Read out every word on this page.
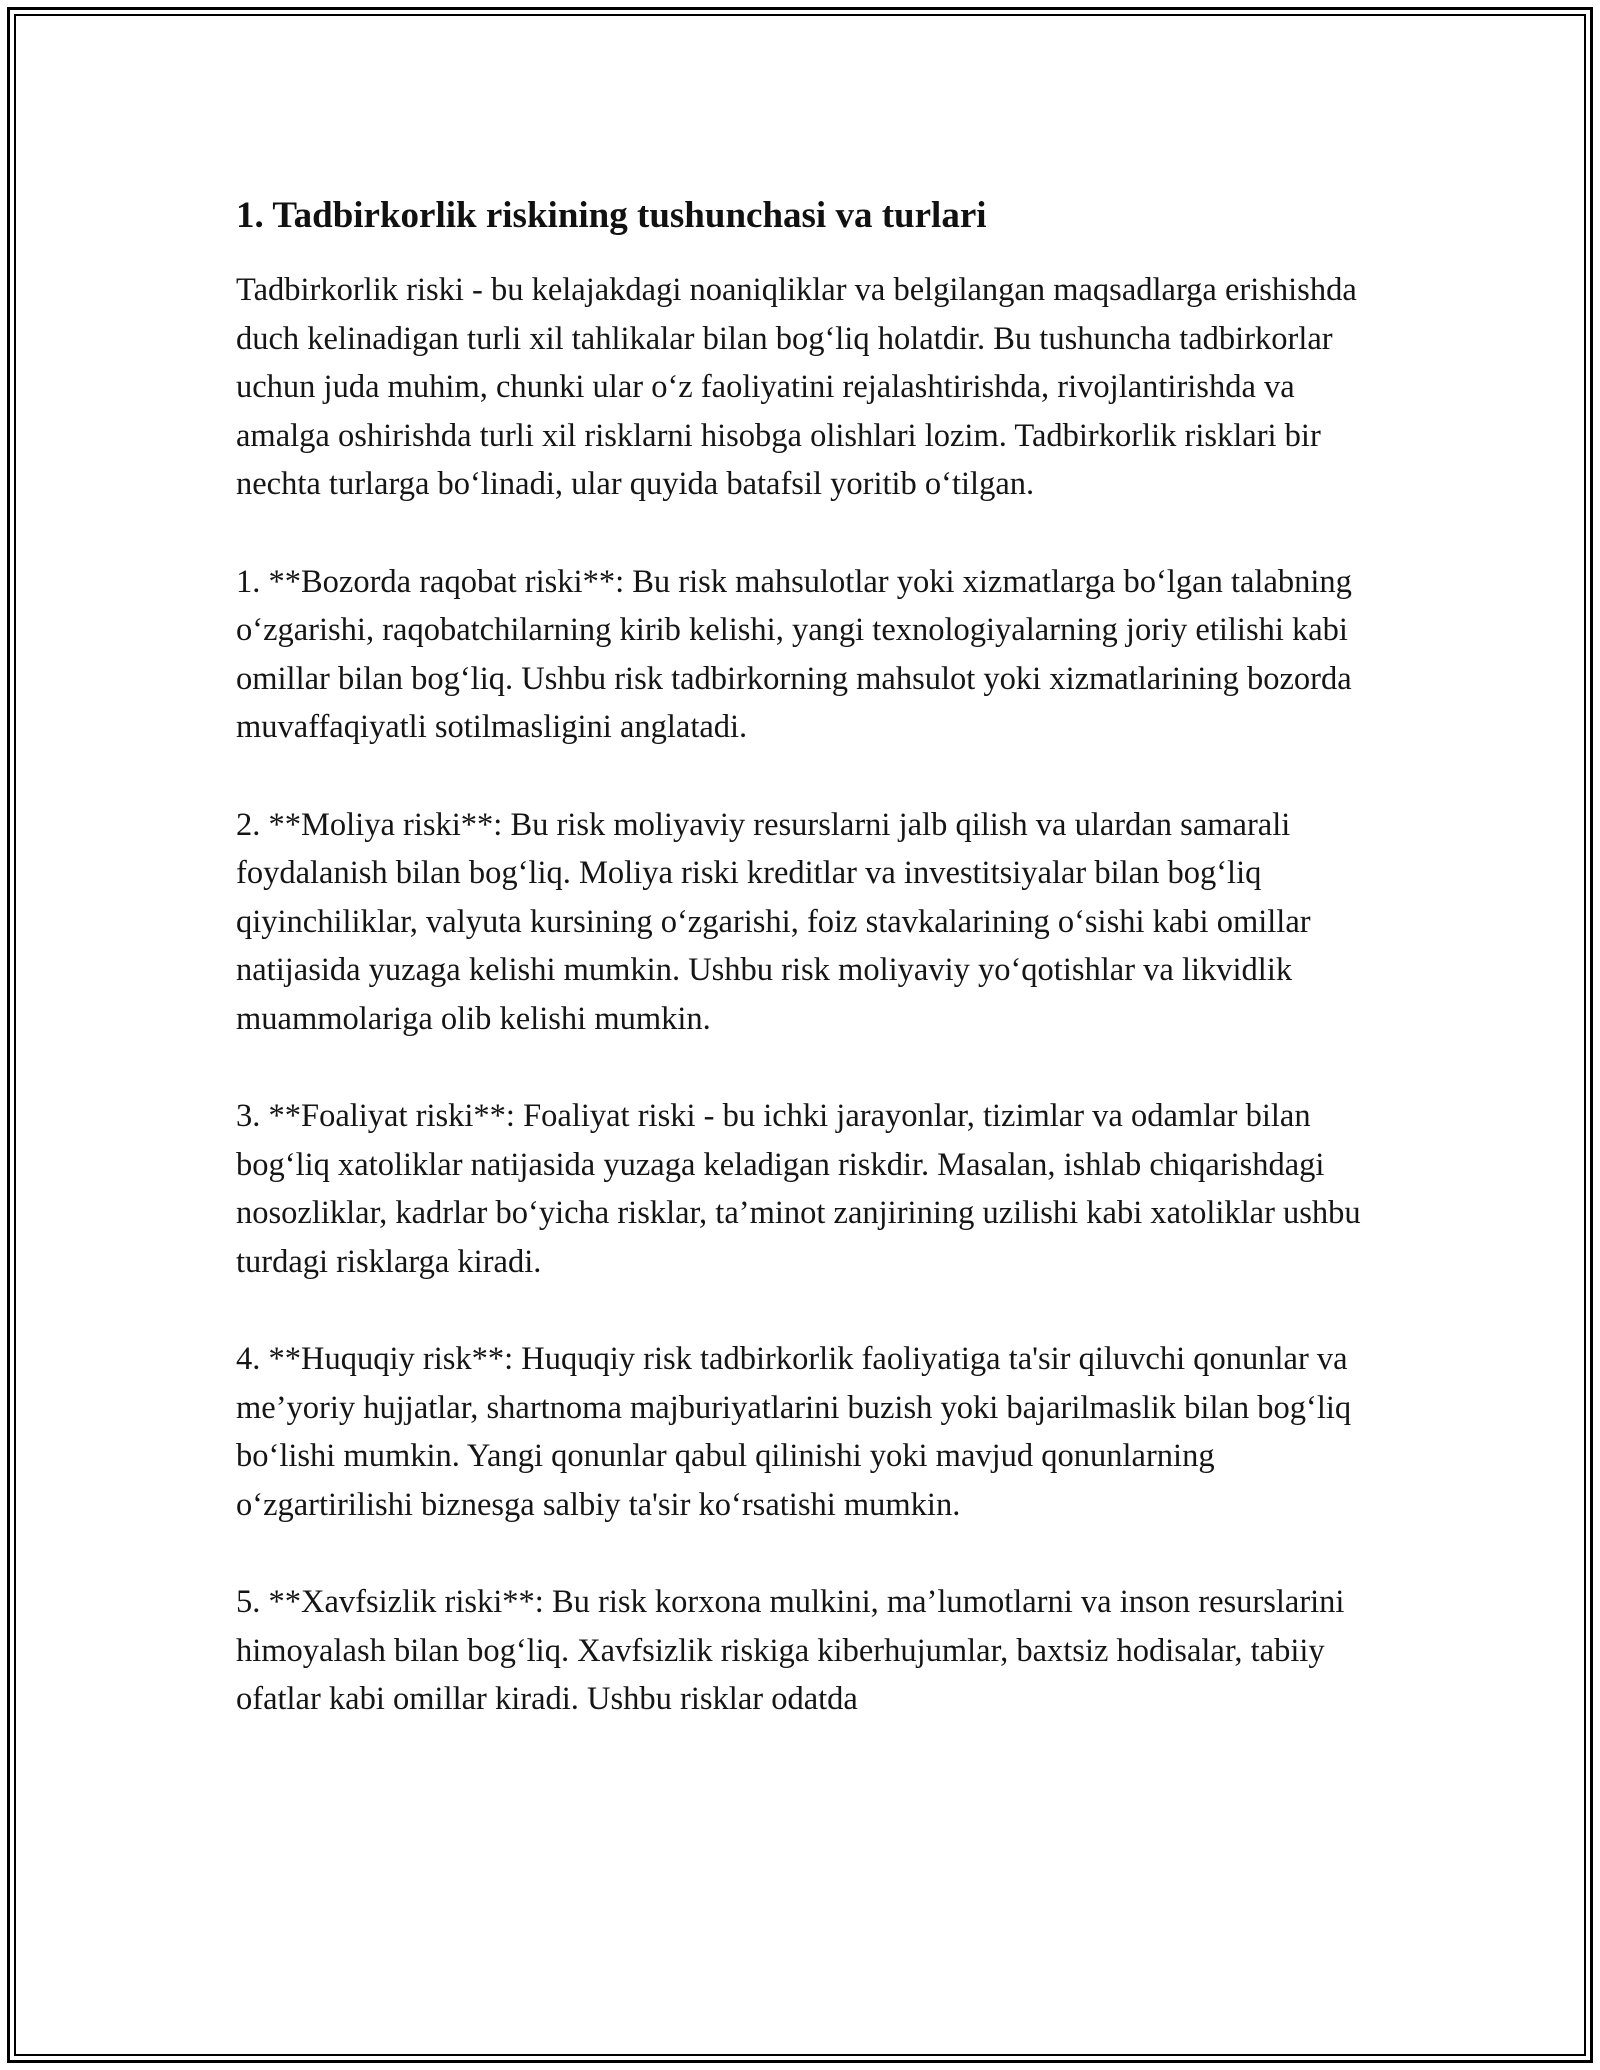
1. Tadbirkorlik riskining tushunchasi va turlari

Tadbirkorlik riski - bu kelajakdagi noaniqliklar va belgilangan maqsadlarga erishishda duch kelinadigan turli xil tahlikalar bilan bog‘liq holatdir. Bu tushuncha tadbirkorlar uchun juda muhim, chunki ular o‘z faoliyatini rejalashtirishda, rivojlantirishda va amalga oshirishda turli xil risklarni hisobga olishlari lozim. Tadbirkorlik risklari bir nechta turlarga bo‘linadi, ular quyida batafsil yoritib o‘tilgan.

1. **Bozorda raqobat riski**: Bu risk mahsulotlar yoki xizmatlarga bo‘lgan talabning o‘zgarishi, raqobatchilarning kirib kelishi, yangi texnologiyalarning joriy etilishi kabi omillar bilan bog‘liq. Ushbu risk tadbirkorning mahsulot yoki xizmatlarining bozorda muvaffaqiyatli sotilmasligini anglatadi.

2. **Moliya riski**: Bu risk moliyaviy resurslarni jalb qilish va ulardan samarali foydalanish bilan bog‘liq. Moliya riski kreditlar va investitsiyalar bilan bog‘liq qiyinchiliklar, valyuta kursining o‘zgarishi, foiz stavkalarining o‘sishi kabi omillar natijasida yuzaga kelishi mumkin. Ushbu risk moliyaviy yo‘qotishlar va likvidlik muammolariga olib kelishi mumkin.

3. **Foaliyat riski**: Foaliyat riski - bu ichki jarayonlar, tizimlar va odamlar bilan bog‘liq xatoliklar natijasida yuzaga keladigan riskdir. Masalan, ishlab chiqarishdagi nosozliklar, kadrlar bo‘yicha risklar, ta’minot zanjirining uzilishi kabi xatoliklar ushbu turdagi risklarga kiradi.

4. **Huquqiy risk**: Huquqiy risk tadbirkorlik faoliyatiga ta'sir qiluvchi qonunlar va me’yoriy hujjatlar, shartnoma majburiyatlarini buzish yoki bajarilmaslik bilan bog‘liq bo‘lishi mumkin. Yangi qonunlar qabul qilinishi yoki mavjud qonunlarning o‘zgartirilishi biznesga salbiy ta'sir ko‘rsatishi mumkin.

5. **Xavfsizlik riski**: Bu risk korxona mulkini, ma’lumotlarni va inson resurslarini himoyalash bilan bog‘liq. Xavfsizlik riskiga kiberhujumlar, baxtsiz hodisalar, tabiiy ofatlar kabi omillar kiradi. Ushbu risklar odatda
